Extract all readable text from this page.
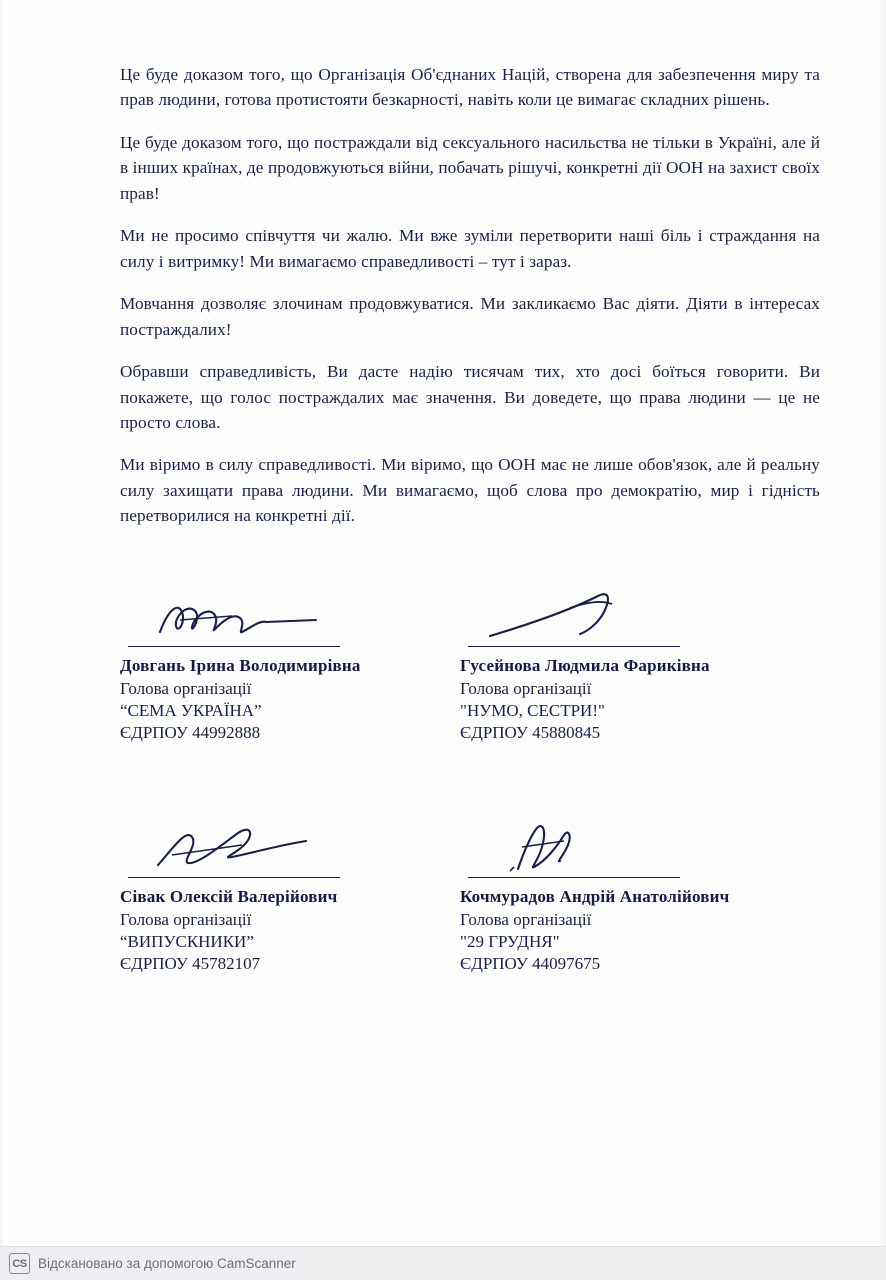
Це буде доказом того, що Організація Об'єднаних Націй, створена для забезпечення миру та прав людини, готова протистояти безкарності, навіть коли це вимагає складних рішень.

Це буде доказом того, що постраждали від сексуального насильства не тільки в Україні, але й в інших країнах, де продовжуються війни, побачать рішучі, конкретні дії ООН на захист своїх прав!

Ми не просимо співчуття чи жалю. Ми вже зуміли перетворити наші біль і страждання на силу і витримку! Ми вимагаємо справедливості – тут і зараз.

Мовчання дозволяє злочинам продовжуватися. Ми закликаємо Вас діяти. Діяти в інтересах постраждалих!

Обравши справедливість, Ви дасте надію тисячам тих, хто досі боїться говорити. Ви покажете, що голос постраждалих має значення. Ви доведете, що права людини — це не просто слова.

Ми віримо в силу справедливості. Ми віримо, що ООН має не лише обов'язок, але й реальну силу захищати права людини. Ми вимагаємо, щоб слова про демократію, мир і гідність перетворилися на конкретні дії.

Довгань Ірина Володимирівна
Голова організації
“СЕМА УКРАЇНА”
ЄДРПОУ 44992888
Гусейнова Людмила Фариківна
Голова організації
"НУМО, СЕСТРИ!"
ЄДРПОУ 45880845
Сівак Олексій Валерійович
Голова організації
“ВИПУСКНИКИ”
ЄДРПОУ 45782107
Кочмурадов Андрій Анатолійович
Голова організації
"29 ГРУДНЯ"
ЄДРПОУ 44097675
CS Відскановано за допомогою CamScanner
